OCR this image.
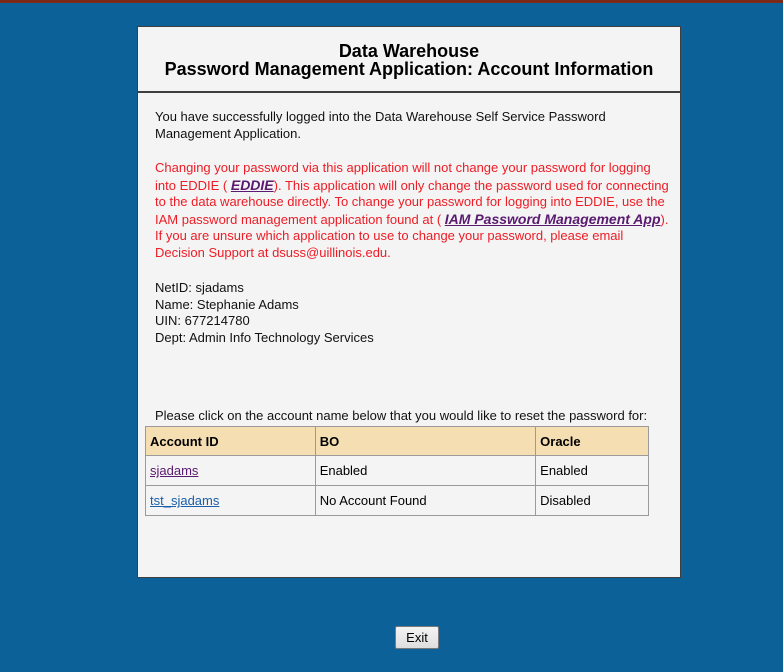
Data Warehouse
Password Management Application: Account Information

You have successfully logged into the Data Warehouse Self Service Password Management Application.

Changing your password via this application will not change your password for logging into EDDIE ( EDDIE). This application will only change the password used for connecting to the data warehouse directly. To change your password for logging into EDDIE, use the IAM password management application found at ( IAM Password Management App). If you are unsure which application to use to change your password, please email Decision Support at dsuss@uillinois.edu.

NetID: sjadams
Name: Stephanie Adams
UIN: 677214780
Dept: Admin Info Technology Services

Please click on the account name below that you would like to reset the password for:

Account ID	BO	Oracle
sjadams	Enabled	Enabled
tst_sjadams	No Account Found	Disabled
Exit
